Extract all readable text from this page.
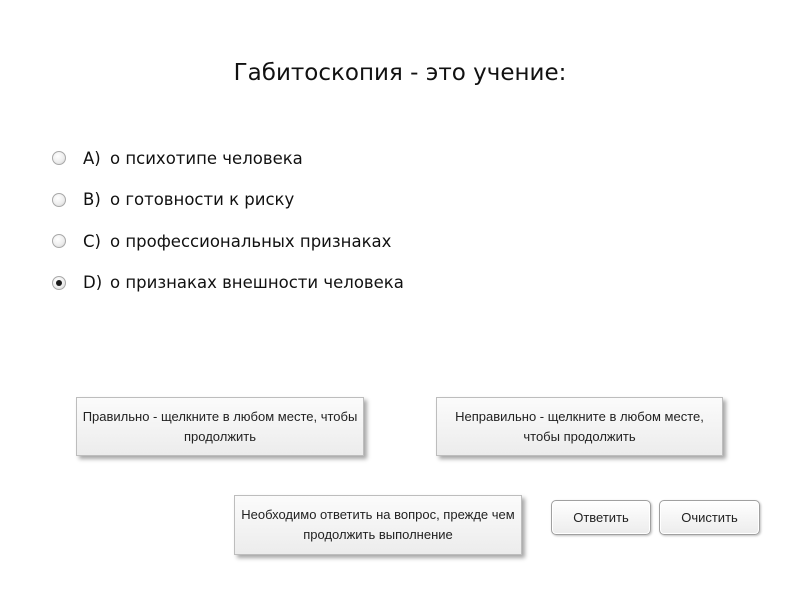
Габитоскопия - это учение:
A) о психотипе человека
B) о готовности к риску
C) о профессиональных признаках
D) о признаках внешности человека
Правильно - щелкните в любом месте, чтобы продолжить
Неправильно - щелкните в любом месте, чтобы продолжить
Необходимо ответить на вопрос, прежде чем продолжить выполнение
Ответить	Очистить
